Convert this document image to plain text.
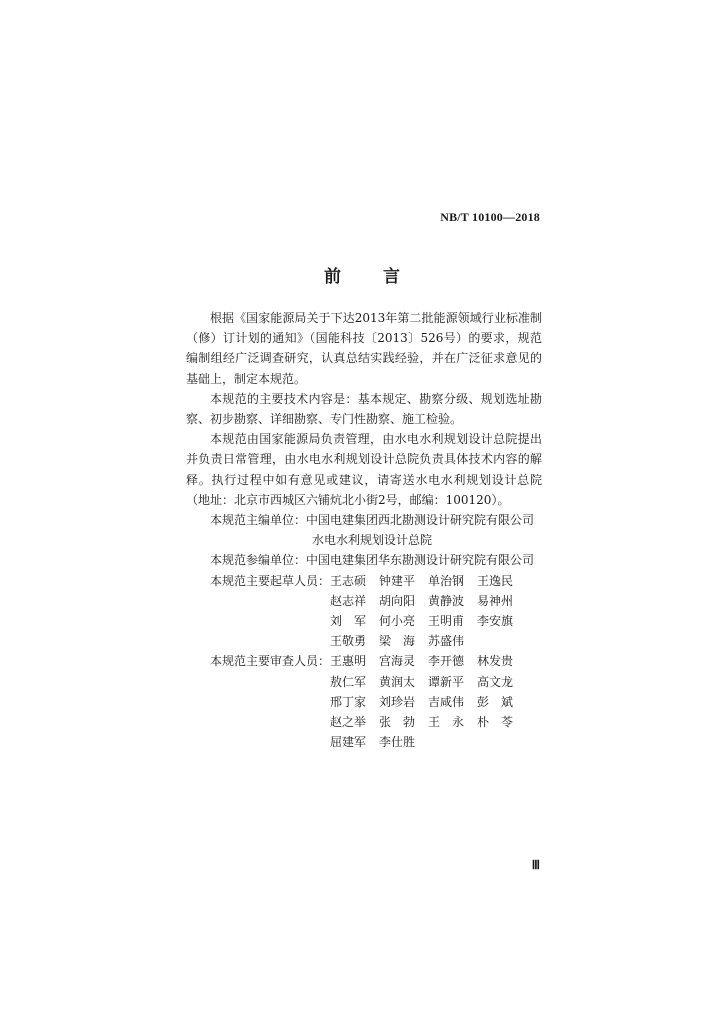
NB/T 10100—2018
前 言

根据《国家能源局关于下达2013年第二批能源领域行业标准制（修）订计划的通知》（国能科技〔2013〕526号）的要求，规范编制组经广泛调查研究，认真总结实践经验，并在广泛征求意见的基础上，制定本规范。

本规范的主要技术内容是：基本规定、勘察分级、规划选址勘察、初步勘察、详细勘察、专门性勘察、施工检验。

本规范由国家能源局负责管理，由水电水利规划设计总院提出并负责日常管理，由水电水利规划设计总院负责具体技术内容的解释。执行过程中如有意见或建议，请寄送水电水利规划设计总院（地址：北京市西城区六铺炕北小街2号，邮编：100120）。

本规范主编单位： 中国电建集团西北勘测设计研究院有限公司
水电水利规划设计总院
本规范参编单位： 中国电建集团华东勘测设计研究院有限公司
本规范主要起草人员： 王志硕	钟建平	单治钢	王逸民
赵志祥	胡向阳	黄静波	易神州
刘　军	何小亮	王明甫	李安旗
王敬勇	梁　海	苏盛伟
本规范主要审查人员： 王惠明	宫海灵	李开德	林发贵
敖仁军	黄润太	谭新平	高文龙
邢丁家	刘珍岩	吉咸伟	彭　斌
赵之举	张　勃	王　永	朴　苓
屈建军	李仕胜
Ⅲ
